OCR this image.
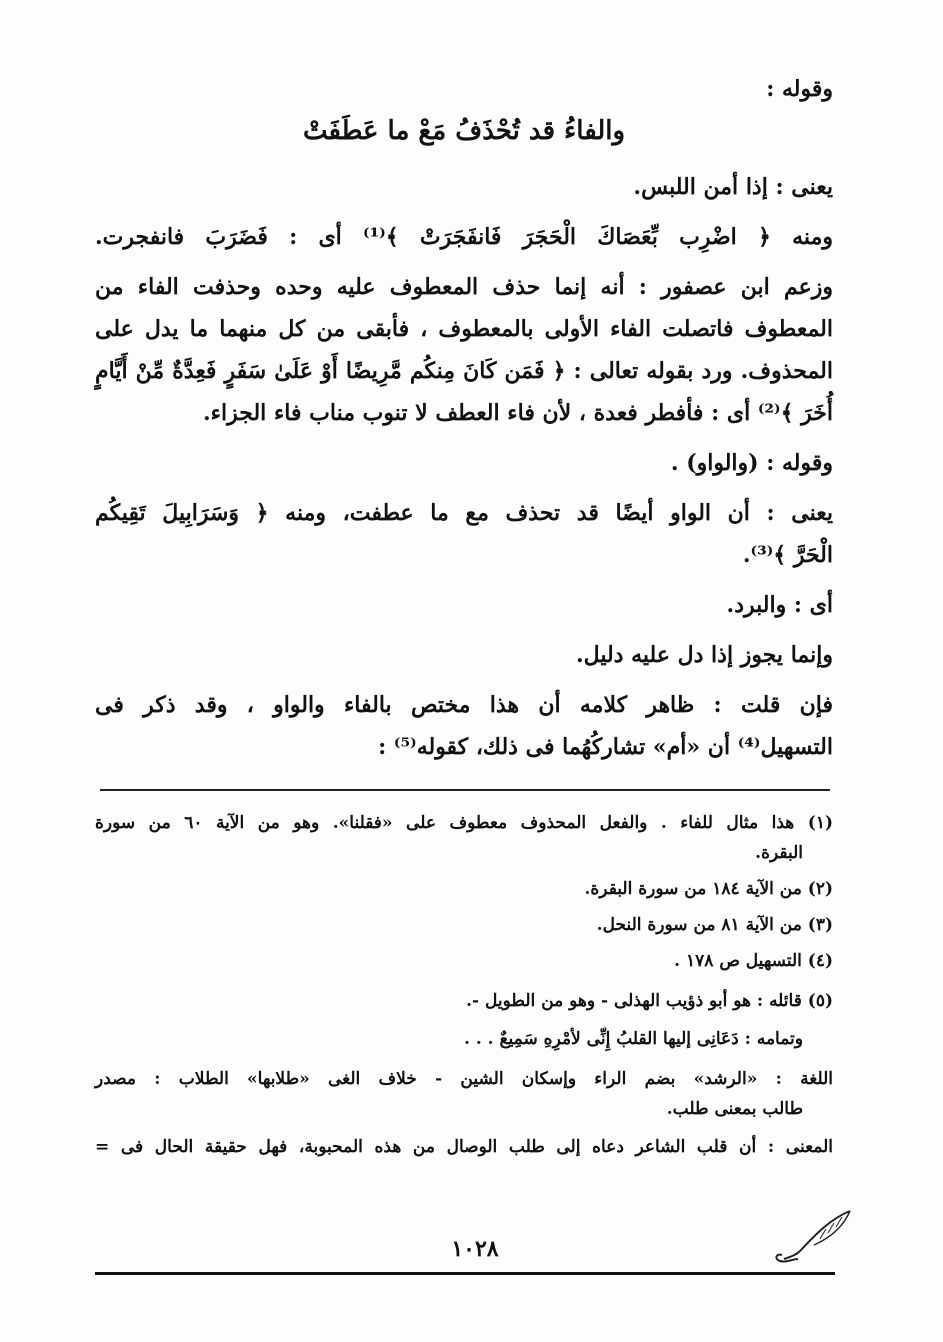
وقوله :
والفاءُ قد تُحْذَفُ مَعْ ما عَطَفَتْ
يعنى : إذا أمن اللبس.
ومنه ﴿ اضْرِب بِّعَصَاكَ الْحَجَرَ فَانفَجَرَتْ ﴾⁽¹⁾ أى : فَضَرَبَ فانفجرت.
وزعم ابن عصفور : أنه إنما حذف المعطوف عليه وحده وحذفت الفاء من
المعطوف فاتصلت الفاء الأولى بالمعطوف ، فأبقى من كل منهما ما يدل على
المحذوف. ورد بقوله تعالى : ﴿ فَمَن كَانَ مِنكُم مَّرِيضًا أَوْ عَلَىٰ سَفَرٍ فَعِدَّةٌ مِّنْ أَيَّامٍ
أُخَرَ ﴾⁽²⁾ أى : فأفطر فعدة ، لأن فاء العطف لا تنوب مناب فاء الجزاء.
وقوله : (والواو) .
يعنى : أن الواو أيضًا قد تحذف مع ما عطفت، ومنه ﴿ وَسَرَابِيلَ تَقِيكُم
الْحَرَّ ﴾⁽³⁾.
أى : والبرد.
وإنما يجوز إذا دل عليه دليل.
فإن قلت : ظاهر كلامه أن هذا مختص بالفاء والواو ، وقد ذكر فى
التسهيل⁽⁴⁾ أن «أم» تشاركُهُما فى ذلك، كقوله⁽⁵⁾ :
(١) هذا مثال للفاء . والفعل المحذوف معطوف على «فقلنا». وهو من الآية ٦٠ من سورة
البقرة.
(٢) من الآية ١٨٤ من سورة البقرة.
(٣) من الآية ٨١ من سورة النحل.
(٤) التسهيل ص ١٧٨ .
(٥) قائله : هو أبو ذؤيب الهذلى - وهو من الطويل -.
وتمامه : دَعَانِى إليها القلبُ إِنِّى لأمْرِهِ سَمِيعٌ . . .
اللغة : «الرشد» بضم الراء وإسكان الشين - خلاف الغى «طلابها» الطلاب : مصدر
طالب بمعنى طلب.
المعنى : أن قلب الشاعر دعاه إلى طلب الوصال من هذه المحبوبة، فهل حقيقة الحال فى =
١٠٢٨
